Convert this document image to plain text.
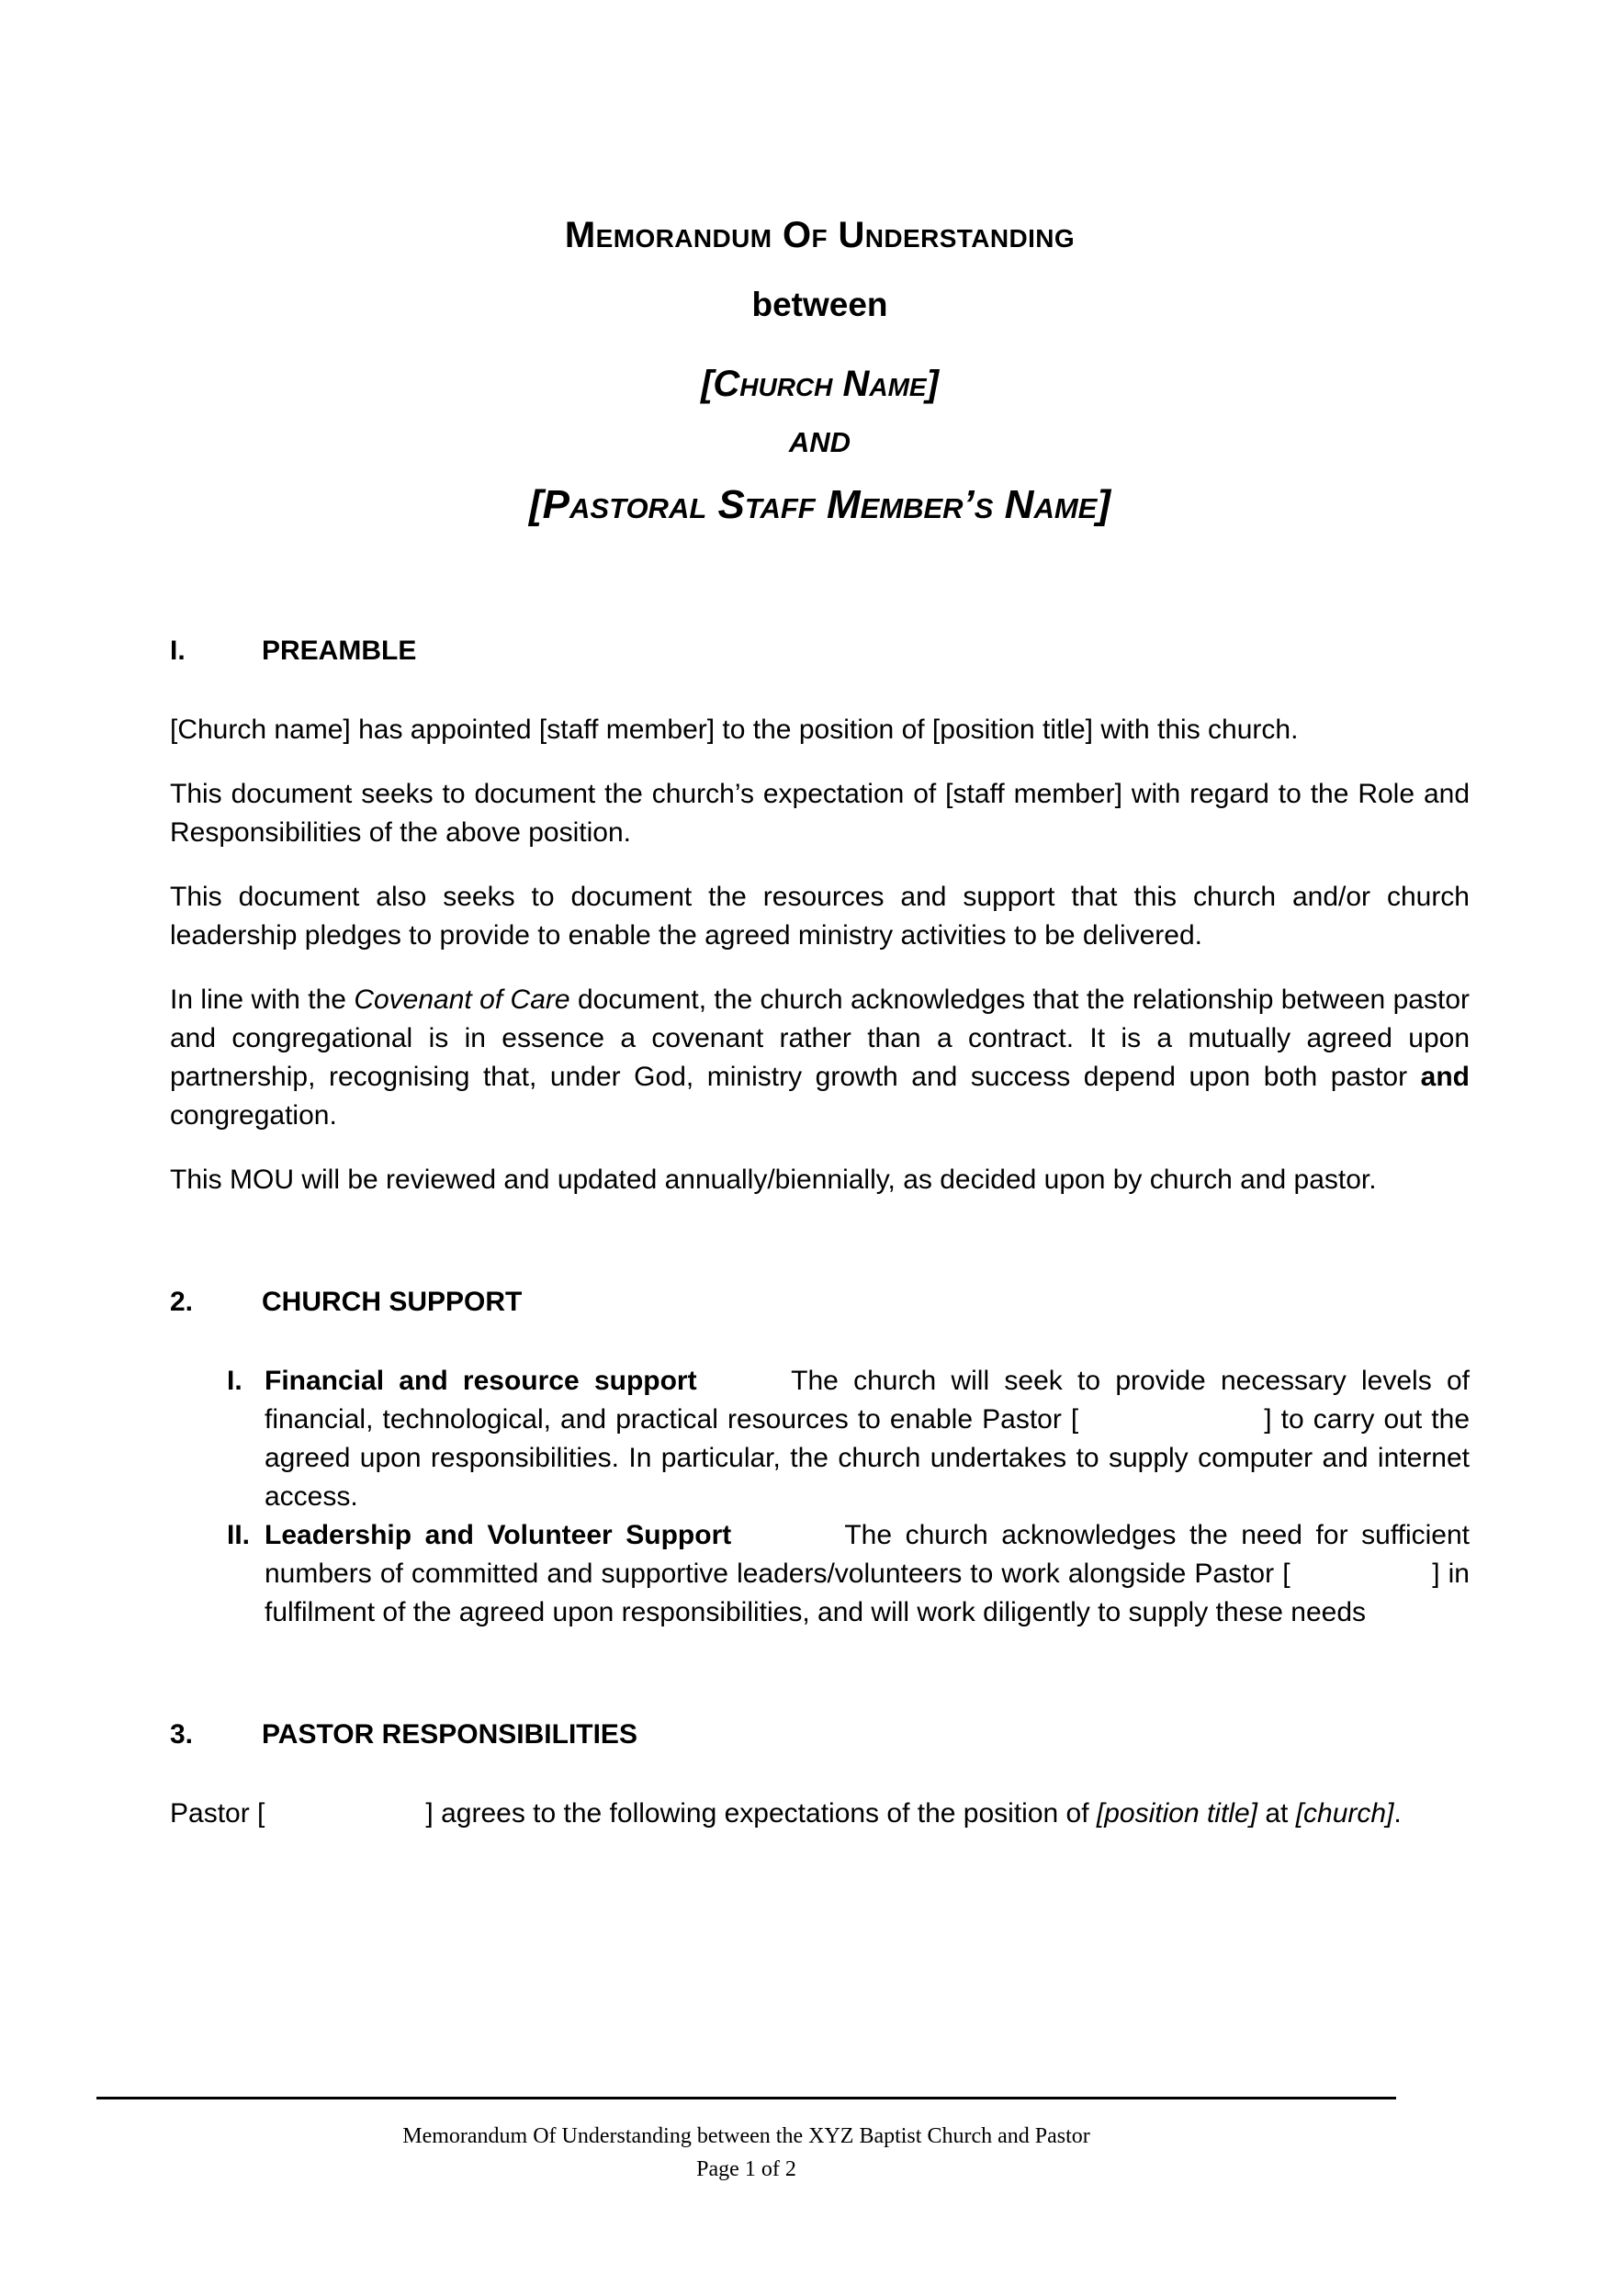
Memorandum Of Understanding
between
[Church Name]
AND
[Pastoral Staff Member’s Name]
I.	PREAMBLE

[Church name] has appointed [staff member] to the position of [position title] with this church.

This document seeks to document the church’s expectation of [staff member] with regard to the Role and Responsibilities of the above position.

This document also seeks to document the resources and support that this church and/or church leadership pledges to provide to enable the agreed ministry activities to be delivered.

In line with the Covenant of Care document, the church acknowledges that the relationship between pastor and congregational is in essence a covenant rather than a contract. It is a mutually agreed upon partnership, recognising that, under God, ministry growth and success depend upon both pastor and congregation.

This MOU will be reviewed and updated annually/biennially, as decided upon by church and pastor.

2.	CHURCH SUPPORT
I. Financial and resource support			The church will seek to provide necessary levels of financial, technological, and practical resources to enable Pastor [	] to carry out the agreed upon responsibilities. In particular, the church undertakes to supply computer and internet access.
II. Leadership and Volunteer Support			The church acknowledges the need for sufficient numbers of committed and supportive leaders/volunteers to work alongside Pastor [	] in fulfilment of the agreed upon responsibilities, and will work diligently to supply these needs
3.	PASTOR RESPONSIBILITIES

Pastor [	] agrees to the following expectations of the position of [position title] at [church].

Memorandum Of Understanding between the XYZ Baptist Church and Pastor

Page 1 of 2
